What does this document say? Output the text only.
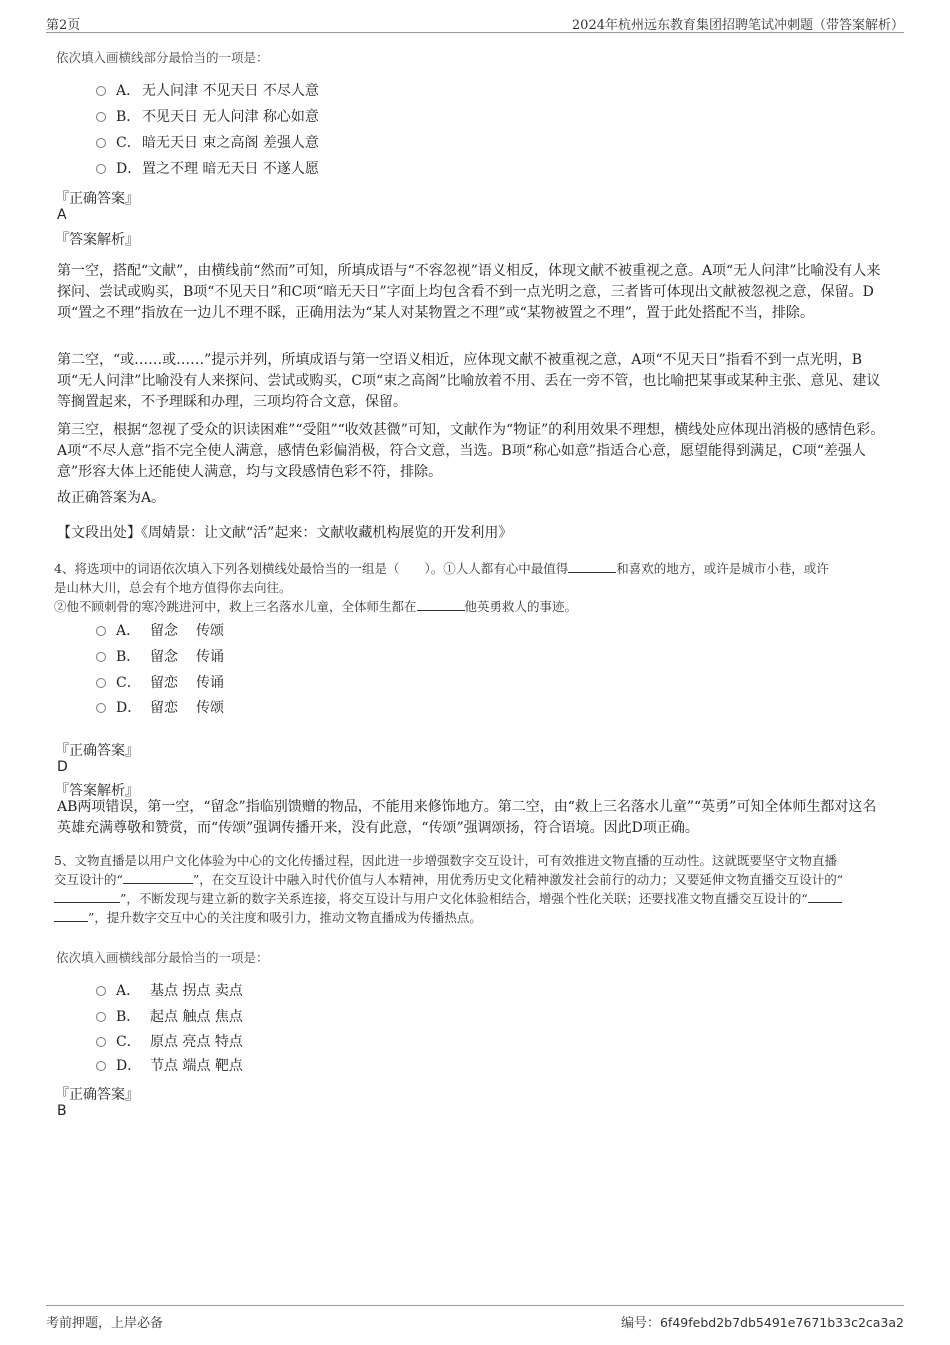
第2页	2024年杭州远东教育集团招聘笔试冲刺题（带答案解析）
依次填入画横线部分最恰当的一项是：
A． 无人问津 不见天日 不尽人意
B． 不见天日 无人问津 称心如意
C．暗无天日 束之高阁 差强人意
D．置之不理 暗无天日 不遂人愿
『正确答案』
A
『答案解析』
第一空，搭配“文献”，由横线前“然而”可知，所填成语与“不容忽视”语义相反，体现文献不被重视之意。A项“无人问津”比喻没有人来探问、尝试或购买，B项“不见天日”和C项“暗无天日”字面上均包含看不到一点光明之意，三者皆可体现出文献被忽视之意，保留。D项“置之不理”指放在一边儿不理不睬，正确用法为“某人对某物置之不理”或“某物被置之不理”，置于此处搭配不当，排除。
第二空，“或……或……”提示并列，所填成语与第一空语义相近，应体现文献不被重视之意，A项“不见天日”指看不到一点光明，B项“无人问津”比喻没有人来探问、尝试或购买，C项“束之高阁”比喻放着不用、丢在一旁不管，也比喻把某事或某种主张、意见、建议等搁置起来，不予理睬和办理，三项均符合文意，保留。
第三空，根据“忽视了受众的识读困难”“受阻”“收效甚微”可知，文献作为“物证”的利用效果不理想，横线处应体现出消极的感情色彩。A项“不尽人意”指不完全使人满意，感情色彩偏消极，符合文意，当选。B项“称心如意”指适合心意，愿望能得到满足，C项“差强人意”形容大体上还能使人满意，均与文段感情色彩不符，排除。
故正确答案为A。
【文段出处】《周婧景：让文献“活”起来：文献收藏机构展览的开发利用》
4、将选项中的词语依次填入下列各划横线处最恰当的一组是（　　）。①人人都有心中最值得	和喜欢的地方，或许是城市小巷，或许
是山林大川，总会有个地方值得你去向往。
②他不顾刺骨的寒冷跳进河中，救上三名落水儿童，全体师生都在	他英勇救人的事迹。
A． 留念 传颂
B． 留念 传诵
C． 留恋 传诵
D． 留恋 传颂
『正确答案』
D
『答案解析』
AB两项错误，第一空，“留念”指临别馈赠的物品，不能用来修饰地方。第二空，由“救上三名落水儿童”“英勇”可知全体师生都对这名英雄充满尊敬和赞赏，而“传颂”强调传播开来，没有此意，“传颂”强调颂扬，符合语境。因此D项正确。
5、文物直播是以用户文化体验为中心的文化传播过程，因此进一步增强数字交互设计，可有效推进文物直播的互动性。这就既要坚守文物直播
交互设计的“	”，在交互设计中融入时代价值与人本精神，用优秀历史文化精神激发社会前行的动力；又要延伸文物直播交互设计的“
”，不断发现与建立新的数字关系连接，将交互设计与用户文化体验相结合，增强个性化关联；还要找准文物直播交互设计的“
”，提升数字交互中心的关注度和吸引力，推动文物直播成为传播热点。
依次填入画横线部分最恰当的一项是：
A． 基点 拐点 卖点
B． 起点 触点 焦点
C． 原点 亮点 特点
D． 节点 端点 靶点
『正确答案』
B
考前押题，上岸必备	编号：6f49febd2b7db5491e7671b33c2ca3a2
